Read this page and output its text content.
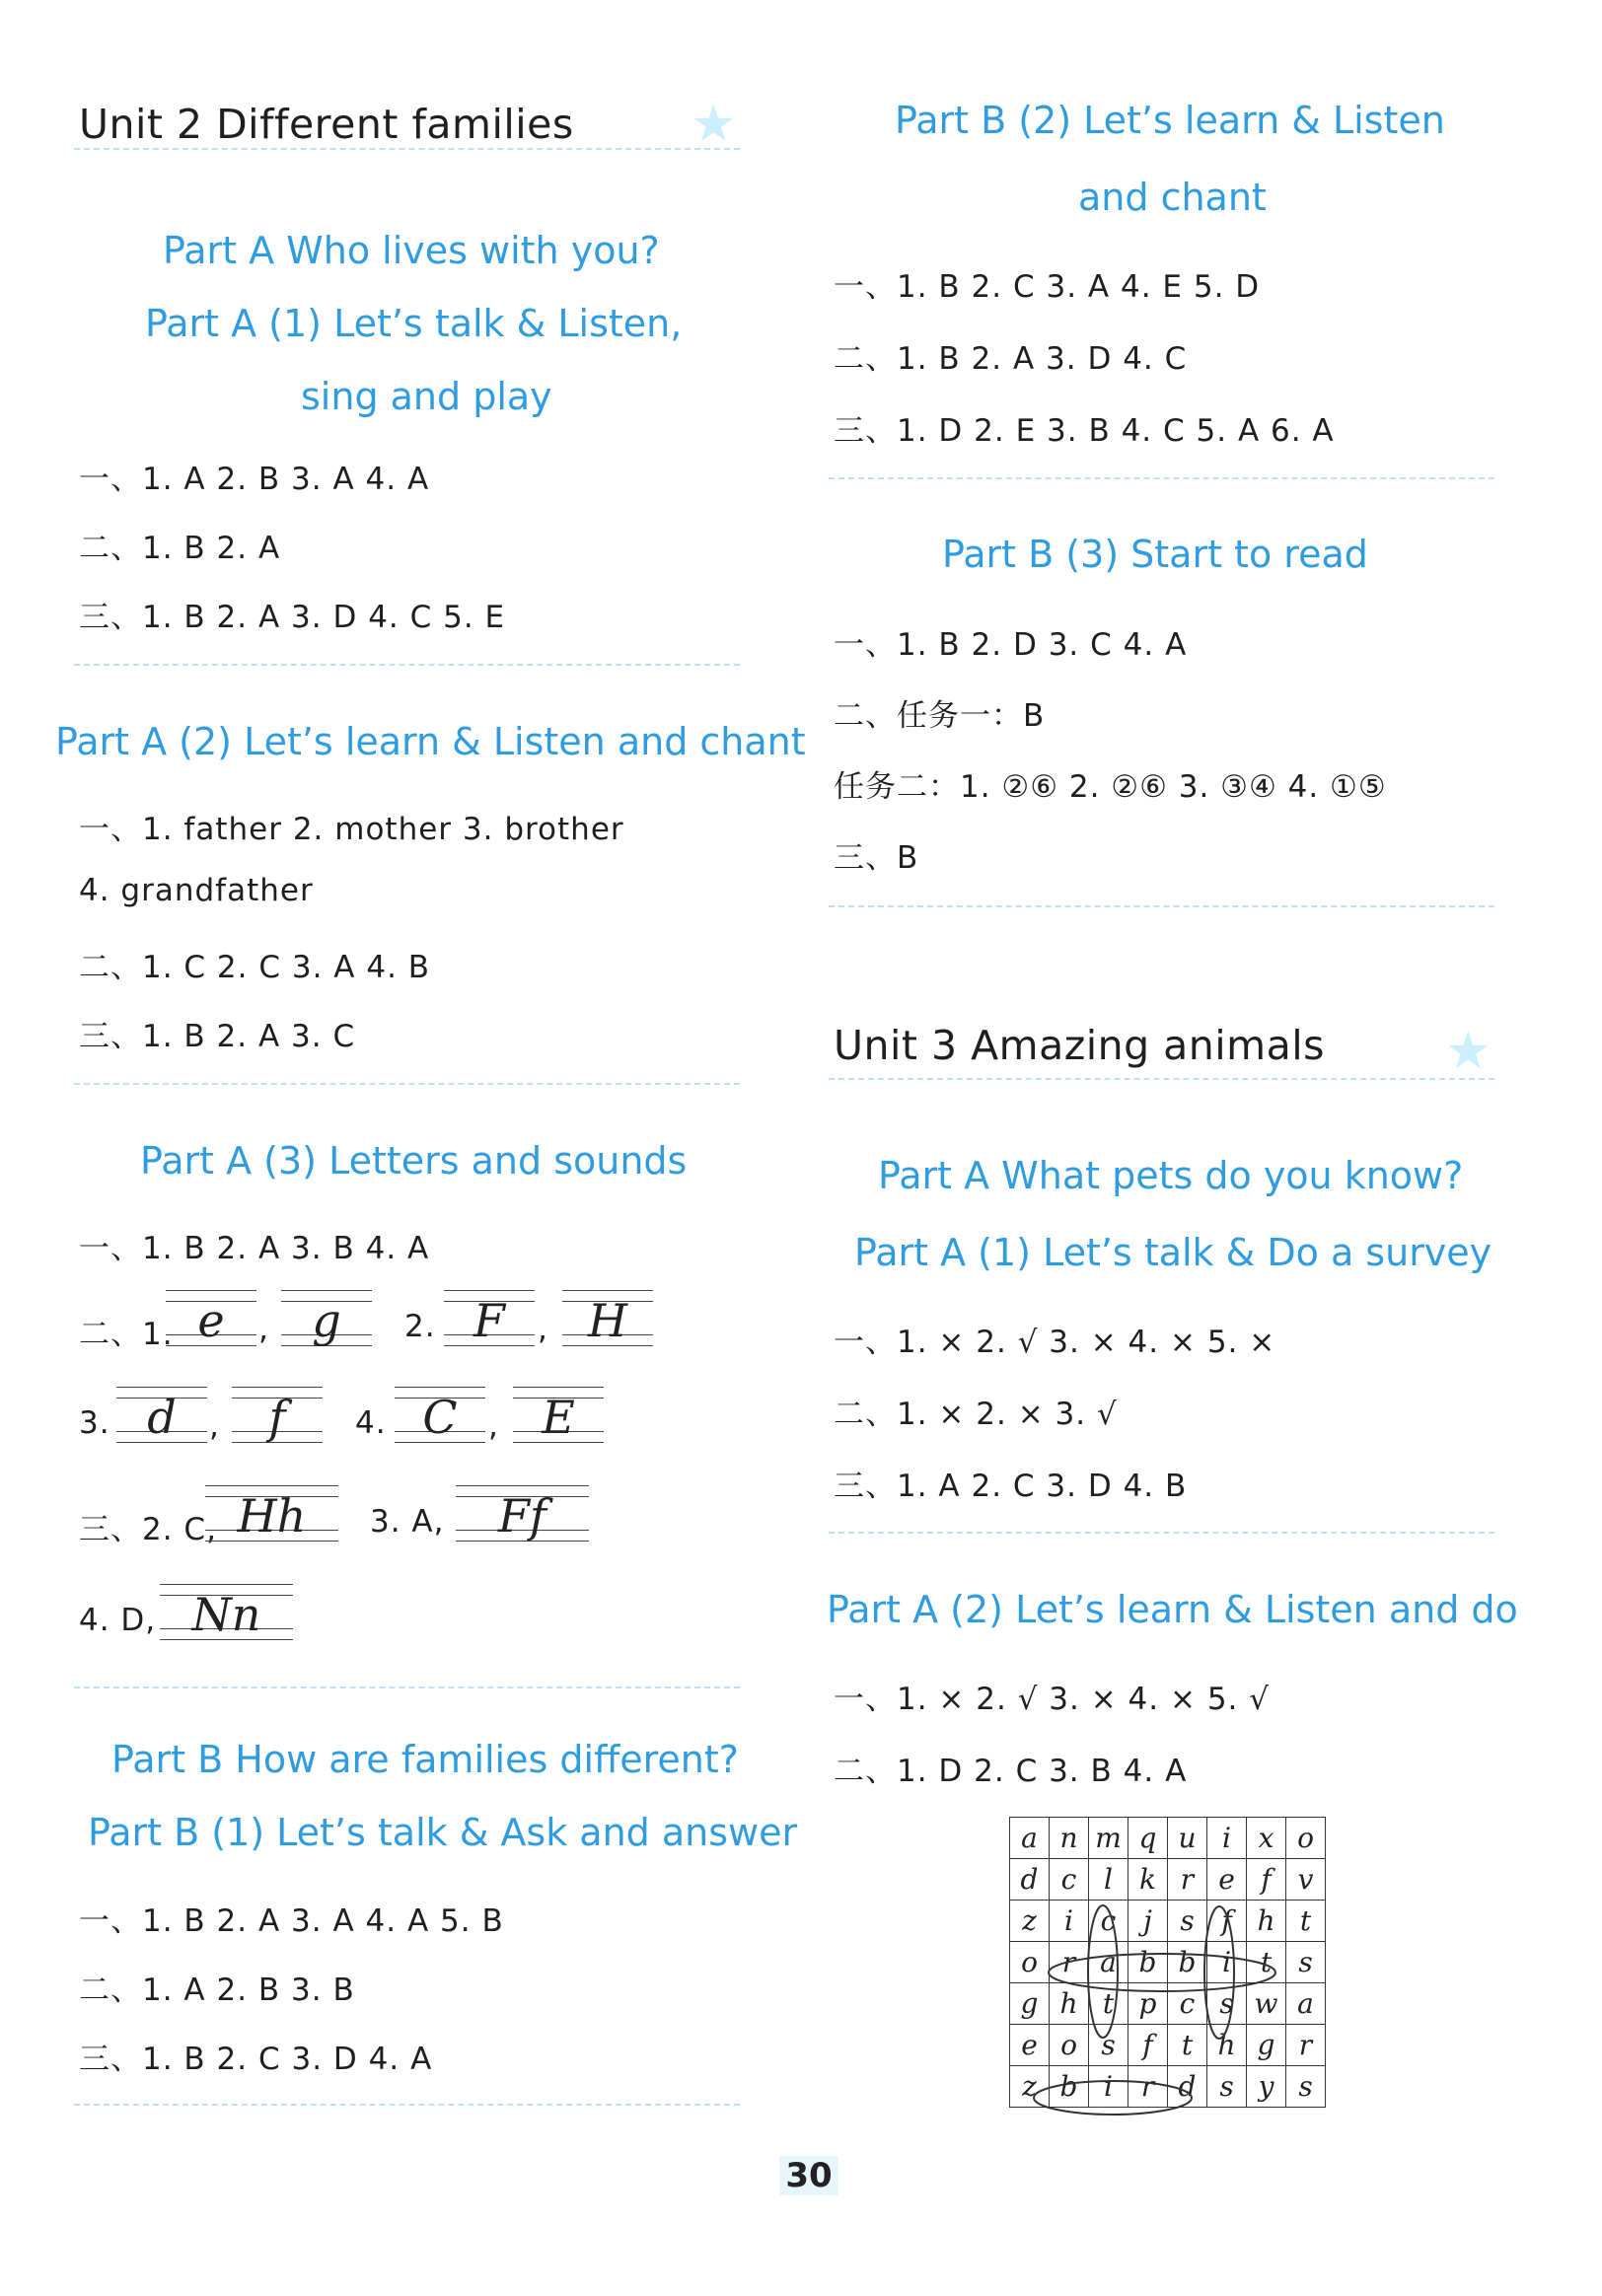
Unit 2 Different families ★
Part A Who lives with you?
Part A (1) Let’s talk & Listen,
sing and play
一、1. A 2. B 3. A 4. A
二、1. B 2. A
三、1. B 2. A 3. D 4. C 5. E
Part A (2) Let’s learn & Listen and chant
一、1. father 2. mother 3. brother
4. grandfather
二、1. C 2. C 3. A 4. B
三、1. B 2. A 3. C
Part A (3) Letters and sounds
一、1. B 2. A 3. B 4. A
二、1. e	, g	2. F	, H
3. d	,	f	4. C	, E
三、2. C, Hh	3. A,	Ff
4. D, Nn
Part B How are families different?
Part B (1) Let’s talk & Ask and answer
一、1. B 2. A 3. A 4. A 5. B
二、1. A 2. B 3. B
三、1. B 2. C 3. D 4. A
Part B (2) Let’s learn & Listen
and chant
一、1. B 2. C 3. A 4. E 5. D
二、1. B 2. A 3. D 4. C
三、1. D 2. E 3. B 4. C 5. A 6. A
Part B (3) Start to read
一、1. B 2. D 3. C 4. A
二、任务一：B
任务二：1. ②⑥ 2. ②⑥ 3. ③④ 4. ①⑤
三、B
Unit 3 Amazing animals ★
Part A What pets do you know?
Part A (1) Let’s talk & Do a survey
一、1. × 2. √ 3. × 4. × 5. ×
二、1. × 2. × 3. √
三、1. A 2. C 3. D 4. B
Part A (2) Let’s learn & Listen and do
一、1. × 2. √ 3. × 4. × 5. √
二、1. D 2. C 3. B 4. A
a	n	m	q	u	i	x	o
d	c	l	k	r	e	f	v
z	i	c	j	s	f	h	t
o	r	a	b	b	i	t	s
g	h	t	p	c	s	w	a
e	o	s	f	t	h	g	r
z	b	i	r	d	s	y	s
30
